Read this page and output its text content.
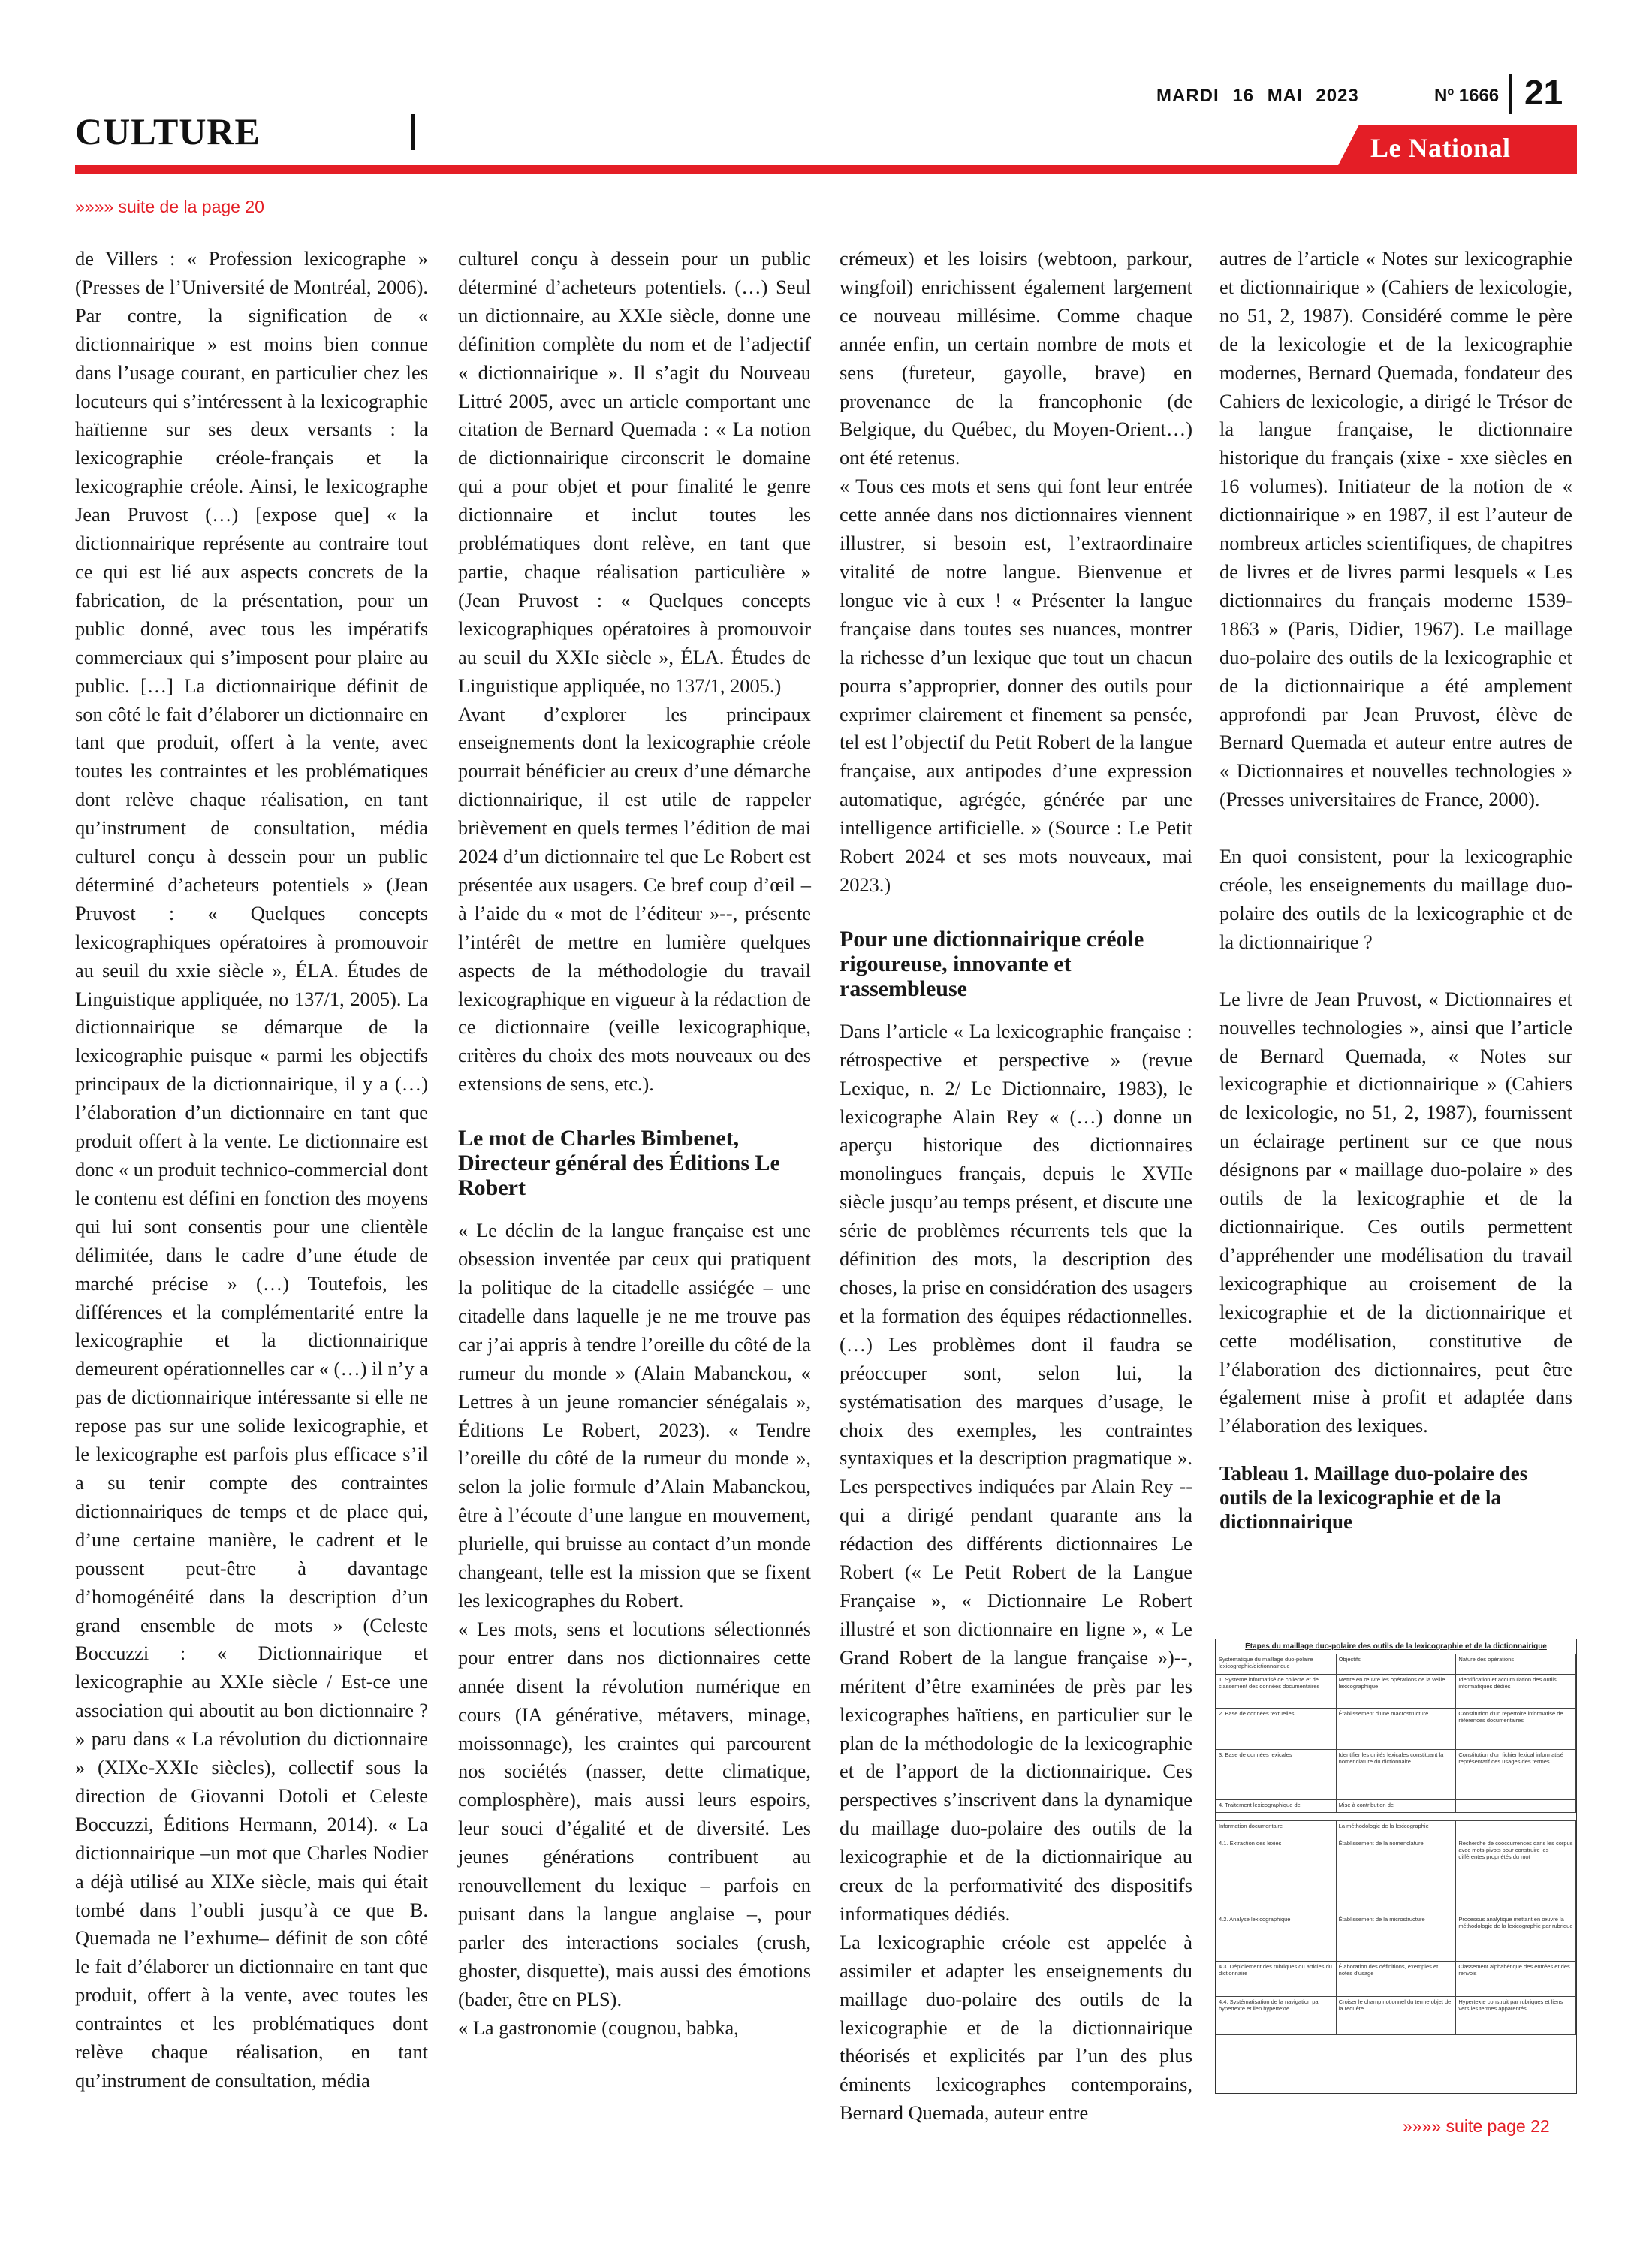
CULTURE
MARDI 16 MAI 2023	Nº 1666 21
Le National
»»»» suite de la page 20

de Villers : « Profession lexicographe » (Presses de l’Université de Montréal, 2006). Par contre, la signification de « dictionnairique » est moins bien connue dans l’usage courant, en particulier chez les locuteurs qui s’intéressent à la lexicographie haïtienne sur ses deux versants : la lexicographie créole-français et la lexicographie créole. Ainsi, le lexicographe Jean Pruvost (…) [expose que] « la dictionnairique représente au contraire tout ce qui est lié aux aspects concrets de la fabrication, de la présentation, pour un public donné, avec tous les impératifs commerciaux qui s’imposent pour plaire au public. […] La dictionnairique définit de son côté le fait d’élaborer un dictionnaire en tant que produit, offert à la vente, avec toutes les contraintes et les problématiques dont relève chaque réalisation, en tant qu’instrument de consultation, média culturel conçu à dessein pour un public déterminé d’acheteurs potentiels » (Jean Pruvost : « Quelques concepts lexicographiques opératoires à promouvoir au seuil du xxie siècle », ÉLA. Études de Linguistique appliquée, no 137/1, 2005). La dictionnairique se démarque de la lexicographie puisque « parmi les objectifs principaux de la dictionnairique, il y a (…) l’élaboration d’un dictionnaire en tant que produit offert à la vente. Le dictionnaire est donc « un produit technico-commercial dont le contenu est défini en fonction des moyens qui lui sont consentis pour une clientèle délimitée, dans le cadre d’une étude de marché précise » (…) Toutefois, les différences et la complémentarité entre la lexicographie et la dictionnairique demeurent opérationnelles car « (…) il n’y a pas de dictionnairique intéressante si elle ne repose pas sur une solide lexicographie, et le lexicographe est parfois plus efficace s’il a su tenir compte des contraintes dictionnairiques de temps et de place qui, d’une certaine manière, le cadrent et le poussent peut-être à davantage d’homogénéité dans la description d’un grand ensemble de mots » (Celeste Boccuzzi : « Dictionnairique et lexicographie au XXIe siècle / Est-ce une association qui aboutit au bon dictionnaire ? » paru dans « La révolution du dictionnaire » (XIXe-XXIe siècles), collectif sous la direction de Giovanni Dotoli et Celeste Boccuzzi, Éditions Hermann, 2014). « La dictionnairique –un mot que Charles Nodier a déjà utilisé au XIXe siècle, mais qui était tombé dans l’oubli jusqu’à ce que B. Quemada ne l’exhume– définit de son côté le fait d’élaborer un dictionnaire en tant que produit, offert à la vente, avec toutes les contraintes et les problématiques dont relève chaque réalisation, en tant qu’instrument de consultation, média

culturel conçu à dessein pour un public déterminé d’acheteurs potentiels. (…) Seul un dictionnaire, au XXIe siècle, donne une définition complète du nom et de l’adjectif « dictionnairique ». Il s’agit du Nouveau Littré 2005, avec un article comportant une citation de Bernard Quemada : « La notion de dictionnairique circonscrit le domaine qui a pour objet et pour finalité le genre dictionnaire et inclut toutes les problématiques dont relève, en tant que partie, chaque réalisation particulière » (Jean Pruvost : « Quelques concepts lexicographiques opératoires à promouvoir au seuil du XXIe siècle », ÉLA. Études de Linguistique appliquée, no 137/1, 2005.)

Avant d’explorer les principaux enseignements dont la lexicographie créole pourrait bénéficier au creux d’une démarche dictionnairique, il est utile de rappeler brièvement en quels termes l’édition de mai 2024 d’un dictionnaire tel que Le Robert est présentée aux usagers. Ce bref coup d’œil –à l’aide du « mot de l’éditeur »--, présente l’intérêt de mettre en lumière quelques aspects de la méthodologie du travail lexicographique en vigueur à la rédaction de ce dictionnaire (veille lexicographique, critères du choix des mots nouveaux ou des extensions de sens, etc.).

Le mot de Charles Bimbenet, Directeur général des Éditions Le Robert

« Le déclin de la langue française est une obsession inventée par ceux qui pratiquent la politique de la citadelle assiégée – une citadelle dans laquelle je ne me trouve pas car j’ai appris à tendre l’oreille du côté de la rumeur du monde » (Alain Mabanckou, « Lettres à un jeune romancier sénégalais », Éditions Le Robert, 2023). « Tendre l’oreille du côté de la rumeur du monde », selon la jolie formule d’Alain Mabanckou, être à l’écoute d’une langue en mouvement, plurielle, qui bruisse au contact d’un monde changeant, telle est la mission que se fixent les lexicographes du Robert.

« Les mots, sens et locutions sélectionnés pour entrer dans nos dictionnaires cette année disent la révolution numérique en cours (IA générative, métavers, minage, moissonnage), les craintes qui parcourent nos sociétés (nasser, dette climatique, complosphère), mais aussi leurs espoirs, leur souci d’égalité et de diversité. Les jeunes générations contribuent au renouvellement du lexique – parfois en puisant dans la langue anglaise –, pour parler des interactions sociales (crush, ghoster, disquette), mais aussi des émotions (bader, être en PLS).

« La gastronomie (cougnou, babka,

crémeux) et les loisirs (webtoon, parkour, wingfoil) enrichissent également largement ce nouveau millésime. Comme chaque année enfin, un certain nombre de mots et sens (fureteur, gayolle, brave) en provenance de la francophonie (de Belgique, du Québec, du Moyen-Orient…) ont été retenus.

« Tous ces mots et sens qui font leur entrée cette année dans nos dictionnaires viennent illustrer, si besoin est, l’extraordinaire vitalité de notre langue. Bienvenue et longue vie à eux ! « Présenter la langue française dans toutes ses nuances, montrer la richesse d’un lexique que tout un chacun pourra s’approprier, donner des outils pour exprimer clairement et finement sa pensée, tel est l’objectif du Petit Robert de la langue française, aux antipodes d’une expression automatique, agrégée, générée par une intelligence artificielle. » (Source : Le Petit Robert 2024 et ses mots nouveaux, mai 2023.)

Pour une dictionnairique créole rigoureuse, innovante et rassembleuse

Dans l’article « La lexicographie française : rétrospective et perspective » (revue Lexique, n. 2/ Le Dictionnaire, 1983), le lexicographe Alain Rey « (…) donne un aperçu historique des dictionnaires monolingues français, depuis le XVIIe siècle jusqu’au temps présent, et discute une série de problèmes récurrents tels que la définition des mots, la description des choses, la prise en considération des usagers et la formation des équipes rédactionnelles. (…) Les problèmes dont il faudra se préoccuper sont, selon lui, la systématisation des marques d’usage, le choix des exemples, les contraintes syntaxiques et la description pragmatique ». Les perspectives indiquées par Alain Rey --qui a dirigé pendant quarante ans la rédaction des différents dictionnaires Le Robert (« Le Petit Robert de la Langue Française », « Dictionnaire Le Robert illustré et son dictionnaire en ligne », « Le Grand Robert de la langue française »)--, méritent d’être examinées de près par les lexicographes haïtiens, en particulier sur le plan de la méthodologie de la lexicographie et de l’apport de la dictionnairique. Ces perspectives s’inscrivent dans la dynamique du maillage duo-polaire des outils de la lexicographie et de la dictionnairique au creux de la performativité des dispositifs informatiques dédiés.

La lexicographie créole est appelée à assimiler et adapter les enseignements du maillage duo-polaire des outils de la lexicographie et de la dictionnairique théorisés et explicités par l’un des plus éminents lexicographes contemporains, Bernard Quemada, auteur entre

autres de l’article « Notes sur lexicographie et dictionnairique » (Cahiers de lexicologie, no 51, 2, 1987). Considéré comme le père de la lexicologie et de la lexicographie modernes, Bernard Quemada, fondateur des Cahiers de lexicologie, a dirigé le Trésor de la langue française, le dictionnaire historique du français (xixe - xxe siècles en 16 volumes). Initiateur de la notion de « dictionnairique » en 1987, il est l’auteur de nombreux articles scientifiques, de chapitres de livres et de livres parmi lesquels « Les dictionnaires du français moderne 1539-1863 » (Paris, Didier, 1967). Le maillage duo-polaire des outils de la lexicographie et de la dictionnairique a été amplement approfondi par Jean Pruvost, élève de Bernard Quemada et auteur entre autres de « Dictionnaires et nouvelles technologies » (Presses universitaires de France, 2000).

En quoi consistent, pour la lexicographie créole, les enseignements du maillage duo-polaire des outils de la lexicographie et de la dictionnairique ?

Le livre de Jean Pruvost, « Dictionnaires et nouvelles technologies », ainsi que l’article de Bernard Quemada, « Notes sur lexicographie et dictionnairique » (Cahiers de lexicologie, no 51, 2, 1987), fournissent un éclairage pertinent sur ce que nous désignons par « maillage duo-polaire » des outils de la lexicographie et de la dictionnairique. Ces outils permettent d’appréhender une modélisation du travail lexicographique au croisement de la lexicographie et de la dictionnairique et cette modélisation, constitutive de l’élaboration des dictionnaires, peut être également mise à profit et adaptée dans l’élaboration des lexiques.

Tableau 1. Maillage duo-polaire des outils de la lexicographie et de la dictionnairique
Étapes du maillage duo-polaire des outils de la lexicographie et de la dictionnairique
Systématique du maillage duo-polaire lexicographie/dictionnairique	Objectifs	Nature des opérations
1. Système informatisé de collecte et de classement des données documentaires	Mettre en œuvre les opérations de la veille lexicographique	Identification et accumulation des outils informatiques dédiés
2. Base de données textuelles	Établissement d’une macrostructure	Constitution d’un répertoire informatisé de références documentaires
3. Base de données lexicales	Identifier les unités lexicales constituant la nomenclature du dictionnaire	Constitution d’un fichier lexical informatisé représentatif des usages des termes
4. Traitement lexicographique de	Mise à contribution de	
Information documentaire	La méthodologie de la lexicographie	
4.1. Extraction des lexies	Établissement de la nomenclature	Recherche de cooccurrences dans les corpus avec mots-pivots pour construire les différentes propriétés du mot
4.2. Analyse lexicographique	Établissement de la microstructure	Processus analytique mettant en œuvre la méthodologie de la lexicographie par rubrique
4.3. Déploiement des rubriques ou articles du dictionnaire	Élaboration des définitions, exemples et notes d’usage	Classement alphabétique des entrées et des renvois
4.4. Systématisation de la navigation par hypertexte et lien hypertexte	Croiser le champ notionnel du terme objet de la requête	Hypertexte construit par rubriques et liens vers les termes apparentés
»»»» suite page 22
